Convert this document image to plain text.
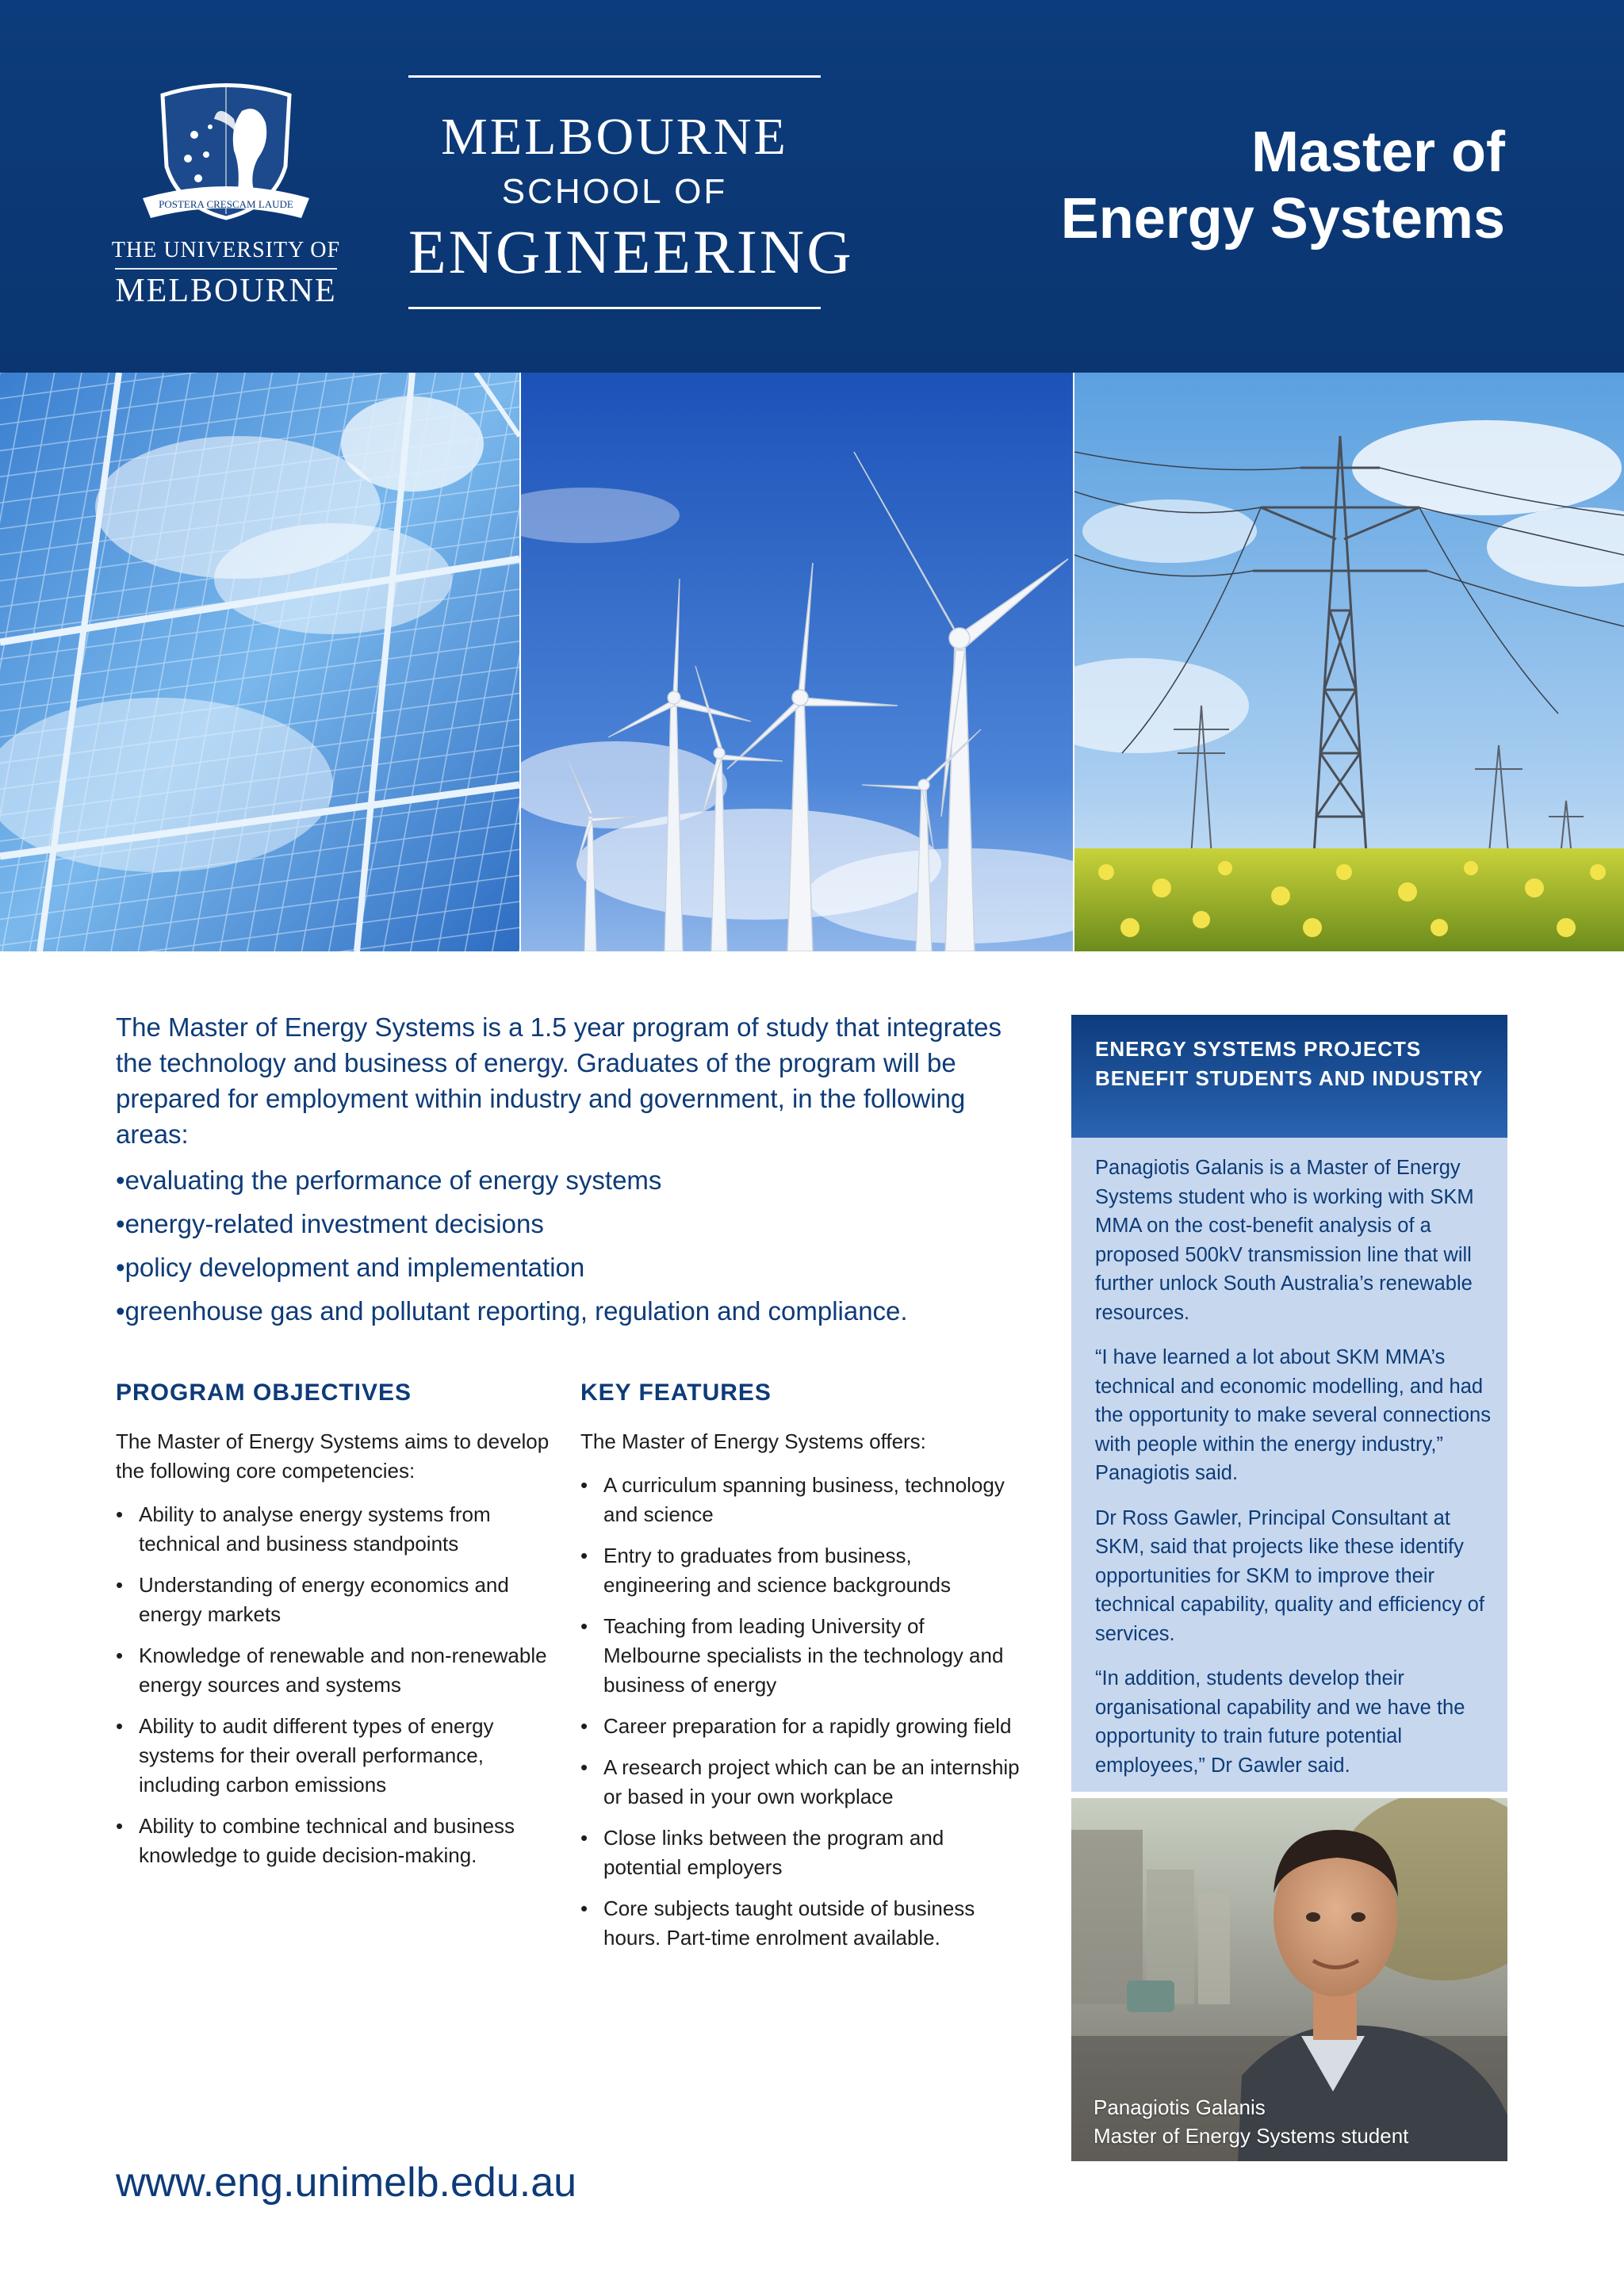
POSTERA CRESCAM LAUDE
THE UNIVERSITY OF
MELBOURNE
MELBOURNE
SCHOOL OF
ENGINEERING
Master of
Energy Systems

The Master of Energy Systems is a 1.5 year program of study that integrates the technology and business of energy. Graduates of the program will be prepared for employment within industry and government, in the following areas:

• evaluating the performance of energy systems
• energy-related investment decisions
• policy development and implementation
• greenhouse gas and pollutant reporting, regulation and compliance.
PROGRAM OBJECTIVES

The Master of Energy Systems aims to develop the following core competencies:

• Ability to analyse energy systems from technical and business standpoints
• Understanding of energy economics and energy markets
• Knowledge of renewable and non-renewable energy sources and systems
• Ability to audit different types of energy systems for their overall performance, including carbon emissions
• Ability to combine technical and business knowledge to guide decision-making.
KEY FEATURES

The Master of Energy Systems offers:

• A curriculum spanning business, technology and science
• Entry to graduates from business, engineering and science backgrounds
• Teaching from leading University of Melbourne specialists in the technology and business of energy
• Career preparation for a rapidly growing field
• A research project which can be an internship or based in your own workplace
• Close links between the program and potential employers
• Core subjects taught outside of business hours. Part-time enrolment available.
ENERGY SYSTEMS PROJECTS BENEFIT STUDENTS AND INDUSTRY

Panagiotis Galanis is a Master of Energy Systems student who is working with SKM MMA on the cost-benefit analysis of a proposed 500kV transmission line that will further unlock South Australia’s renewable resources.

“I have learned a lot about SKM MMA’s technical and economic modelling, and had the opportunity to make several connections with people within the energy industry,” Panagiotis said.

Dr Ross Gawler, Principal Consultant at SKM, said that projects like these identify opportunities for SKM to improve their technical capability, quality and efficiency of services.

“In addition, students develop their organisational capability and we have the opportunity to train future potential employees,” Dr Gawler said.

Panagiotis Galanis
Master of Energy Systems student
www.eng.unimelb.edu.au
